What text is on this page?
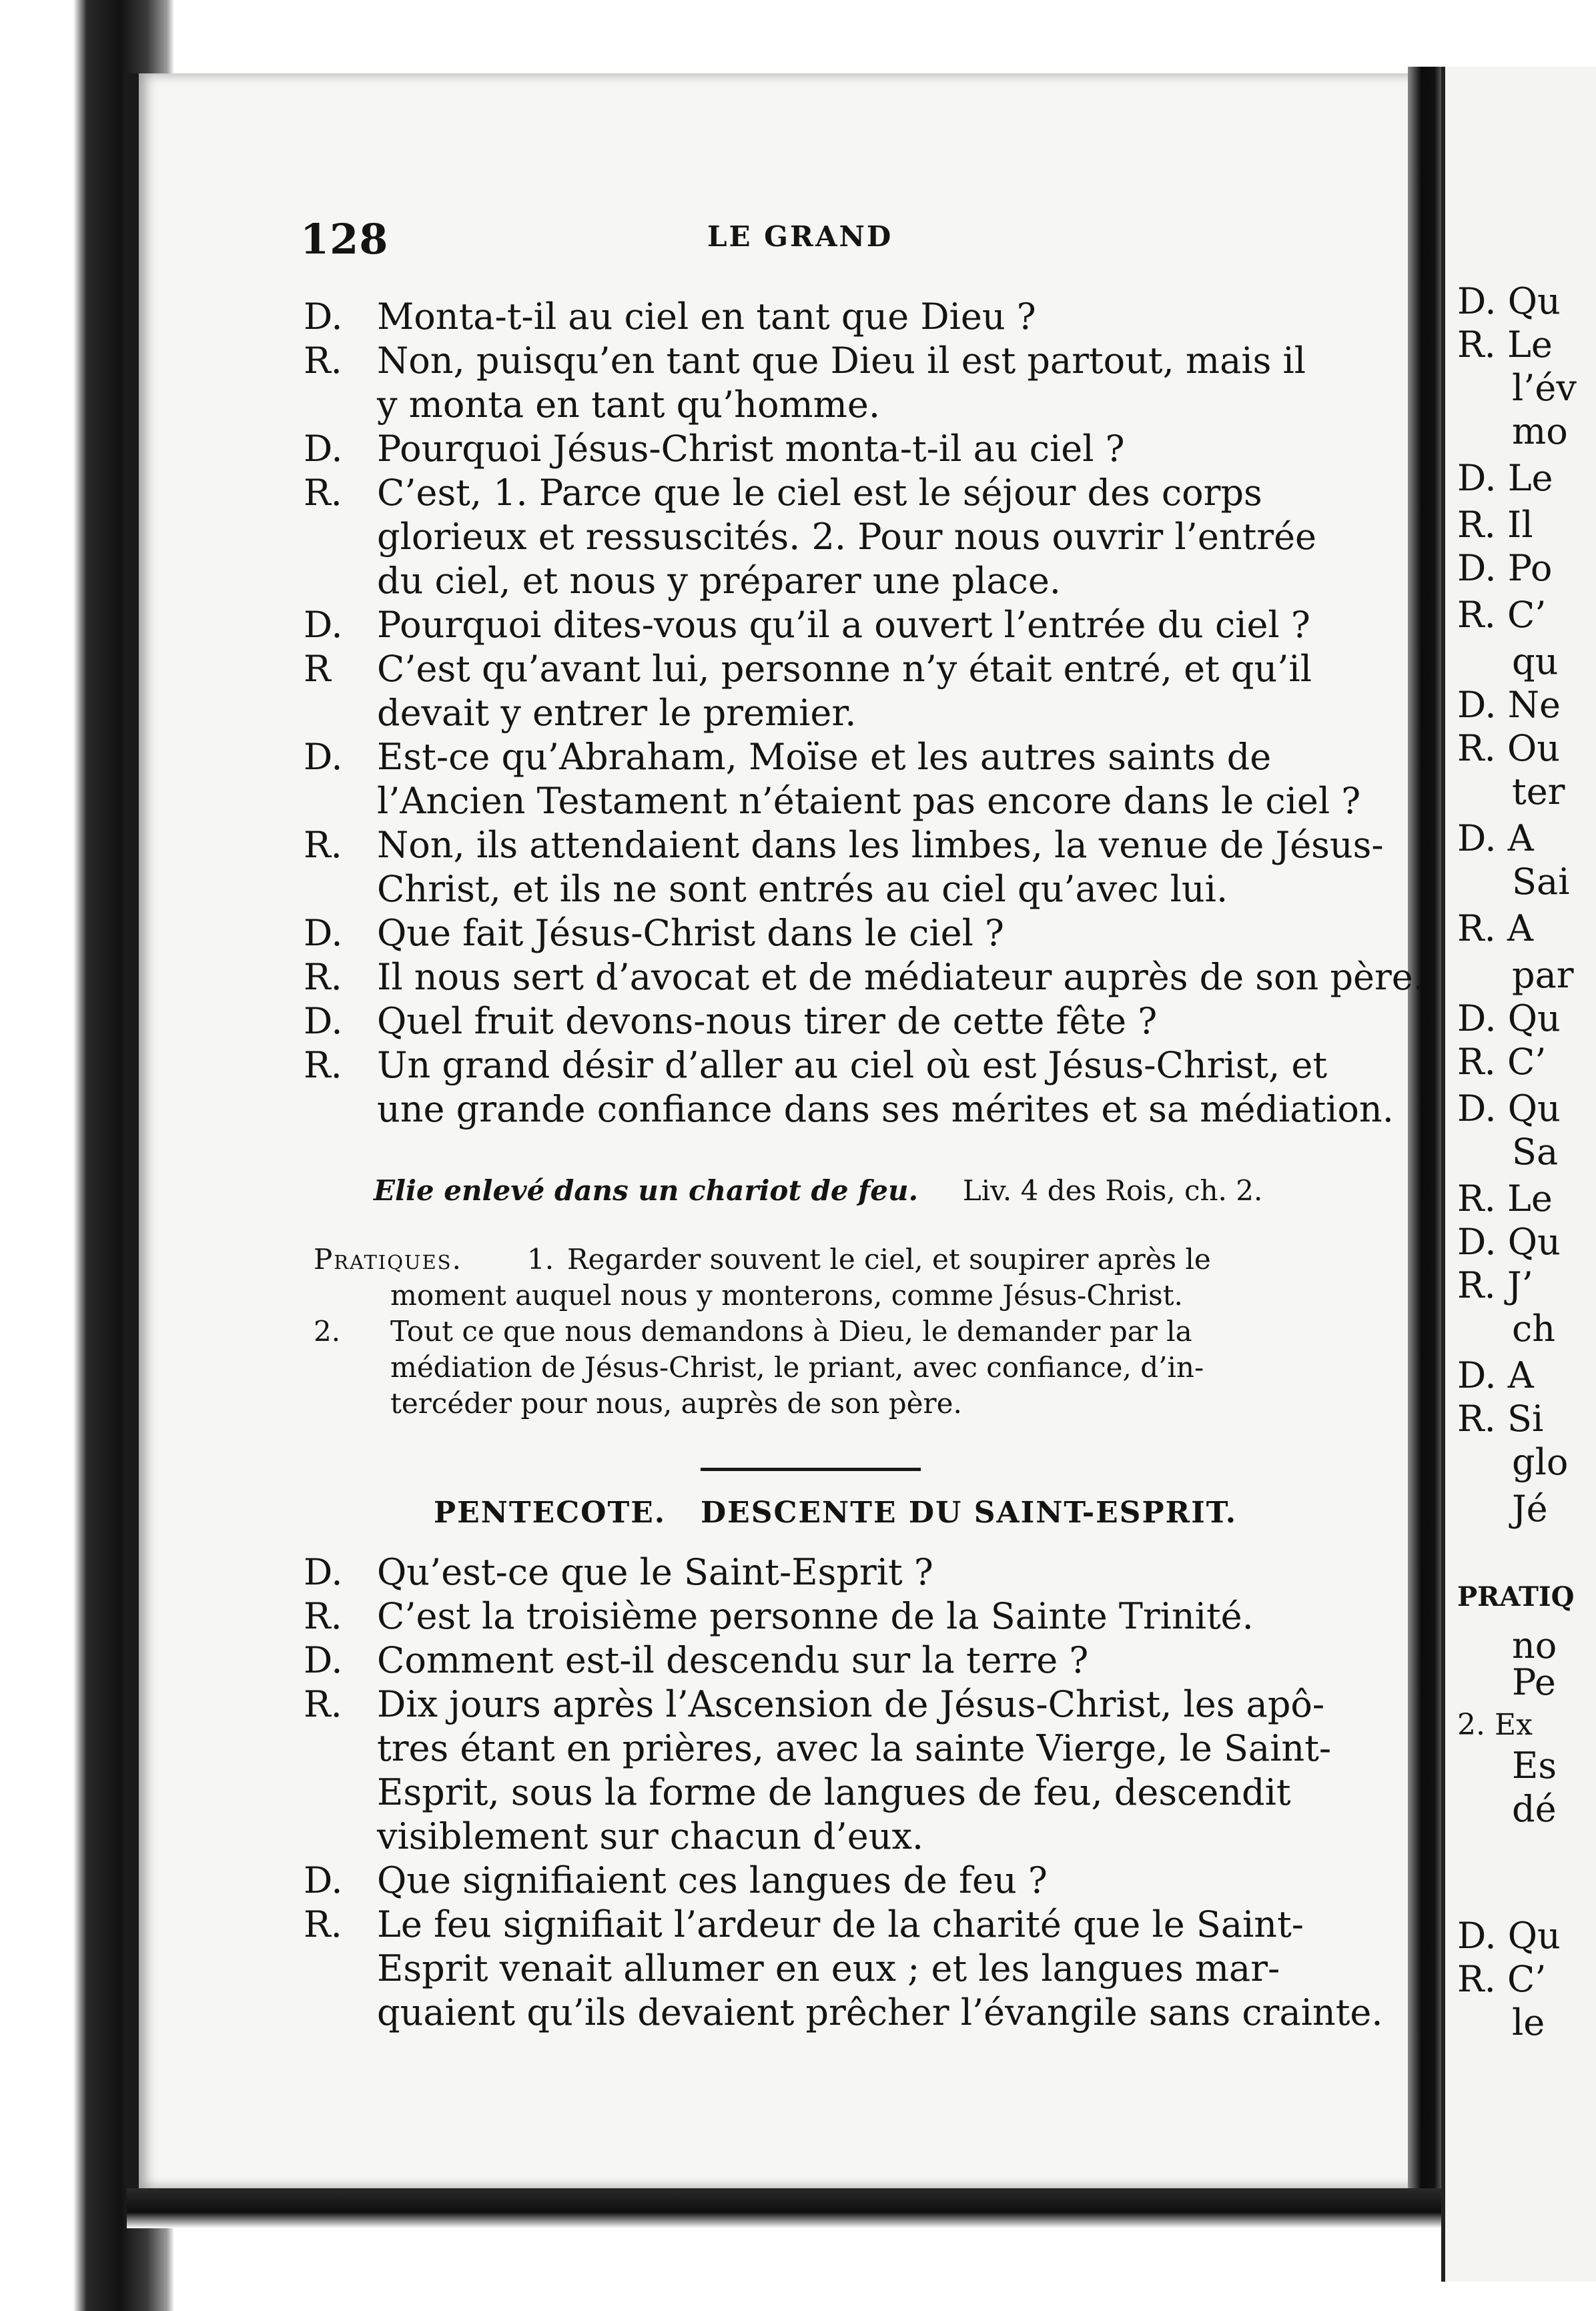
D. Qu
R. Le
l’év
mo
D. Le
R. Il
D. Po
R. C’
qu
D. Ne
R. Ou
ter
D. A
Sai
R. A
par
D. Qu
R. C’
D. Qu
Sa
R. Le
D. Qu
R. J’
ch
D. A
R. Si
glo
Jé
PRATIQ
no
Pe
2. Ex
Es
dé
D. Qu
R. C’
le
128	LE GRAND
D. Monta-t-il au ciel en tant que Dieu ?
R. Non, puisqu’en tant que Dieu il est partout, mais il
y monta en tant qu’homme.
D. Pourquoi Jésus-Christ monta-t-il au ciel ?
R. C’est, 1. Parce que le ciel est le séjour des corps
glorieux et ressuscités. 2. Pour nous ouvrir l’entrée
du ciel, et nous y préparer une place.
D. Pourquoi dites-vous qu’il a ouvert l’entrée du ciel ?
R C’est qu’avant lui, personne n’y était entré, et qu’il
devait y entrer le premier.
D. Est-ce qu’Abraham, Moïse et les autres saints de
l’Ancien Testament n’étaient pas encore dans le ciel ?
R. Non, ils attendaient dans les limbes, la venue de Jésus-
Christ, et ils ne sont entrés au ciel qu’avec lui.
D. Que fait Jésus-Christ dans le ciel ?
R. Il nous sert d’avocat et de médiateur auprès de son père.
D. Quel fruit devons-nous tirer de cette fête ?
R. Un grand désir d’aller au ciel où est Jésus-Christ, et
une grande confiance dans ses mérites et sa médiation.
Elie enlevé dans un chariot de feu. Liv. 4 des Rois, ch. 2.
Pratiques. 1. Regarder souvent le ciel, et soupirer après le
moment auquel nous y monterons, comme Jésus-Christ.
2. Tout ce que nous demandons à Dieu, le demander par la
médiation de Jésus-Christ, le priant, avec confiance, d’in-
tercéder pour nous, auprès de son père.
PENTECOTE.   DESCENTE DU SAINT-ESPRIT.
D. Qu’est-ce que le Saint-Esprit ?
R. C’est la troisième personne de la Sainte Trinité.
D. Comment est-il descendu sur la terre ?
R. Dix jours après l’Ascension de Jésus-Christ, les apô-
tres étant en prières, avec la sainte Vierge, le Saint-
Esprit, sous la forme de langues de feu, descendit
visiblement sur chacun d’eux.
D. Que signifiaient ces langues de feu ?
R. Le feu signifiait l’ardeur de la charité que le Saint-
Esprit venait allumer en eux ; et les langues mar-
quaient qu’ils devaient prêcher l’évangile sans crainte.
